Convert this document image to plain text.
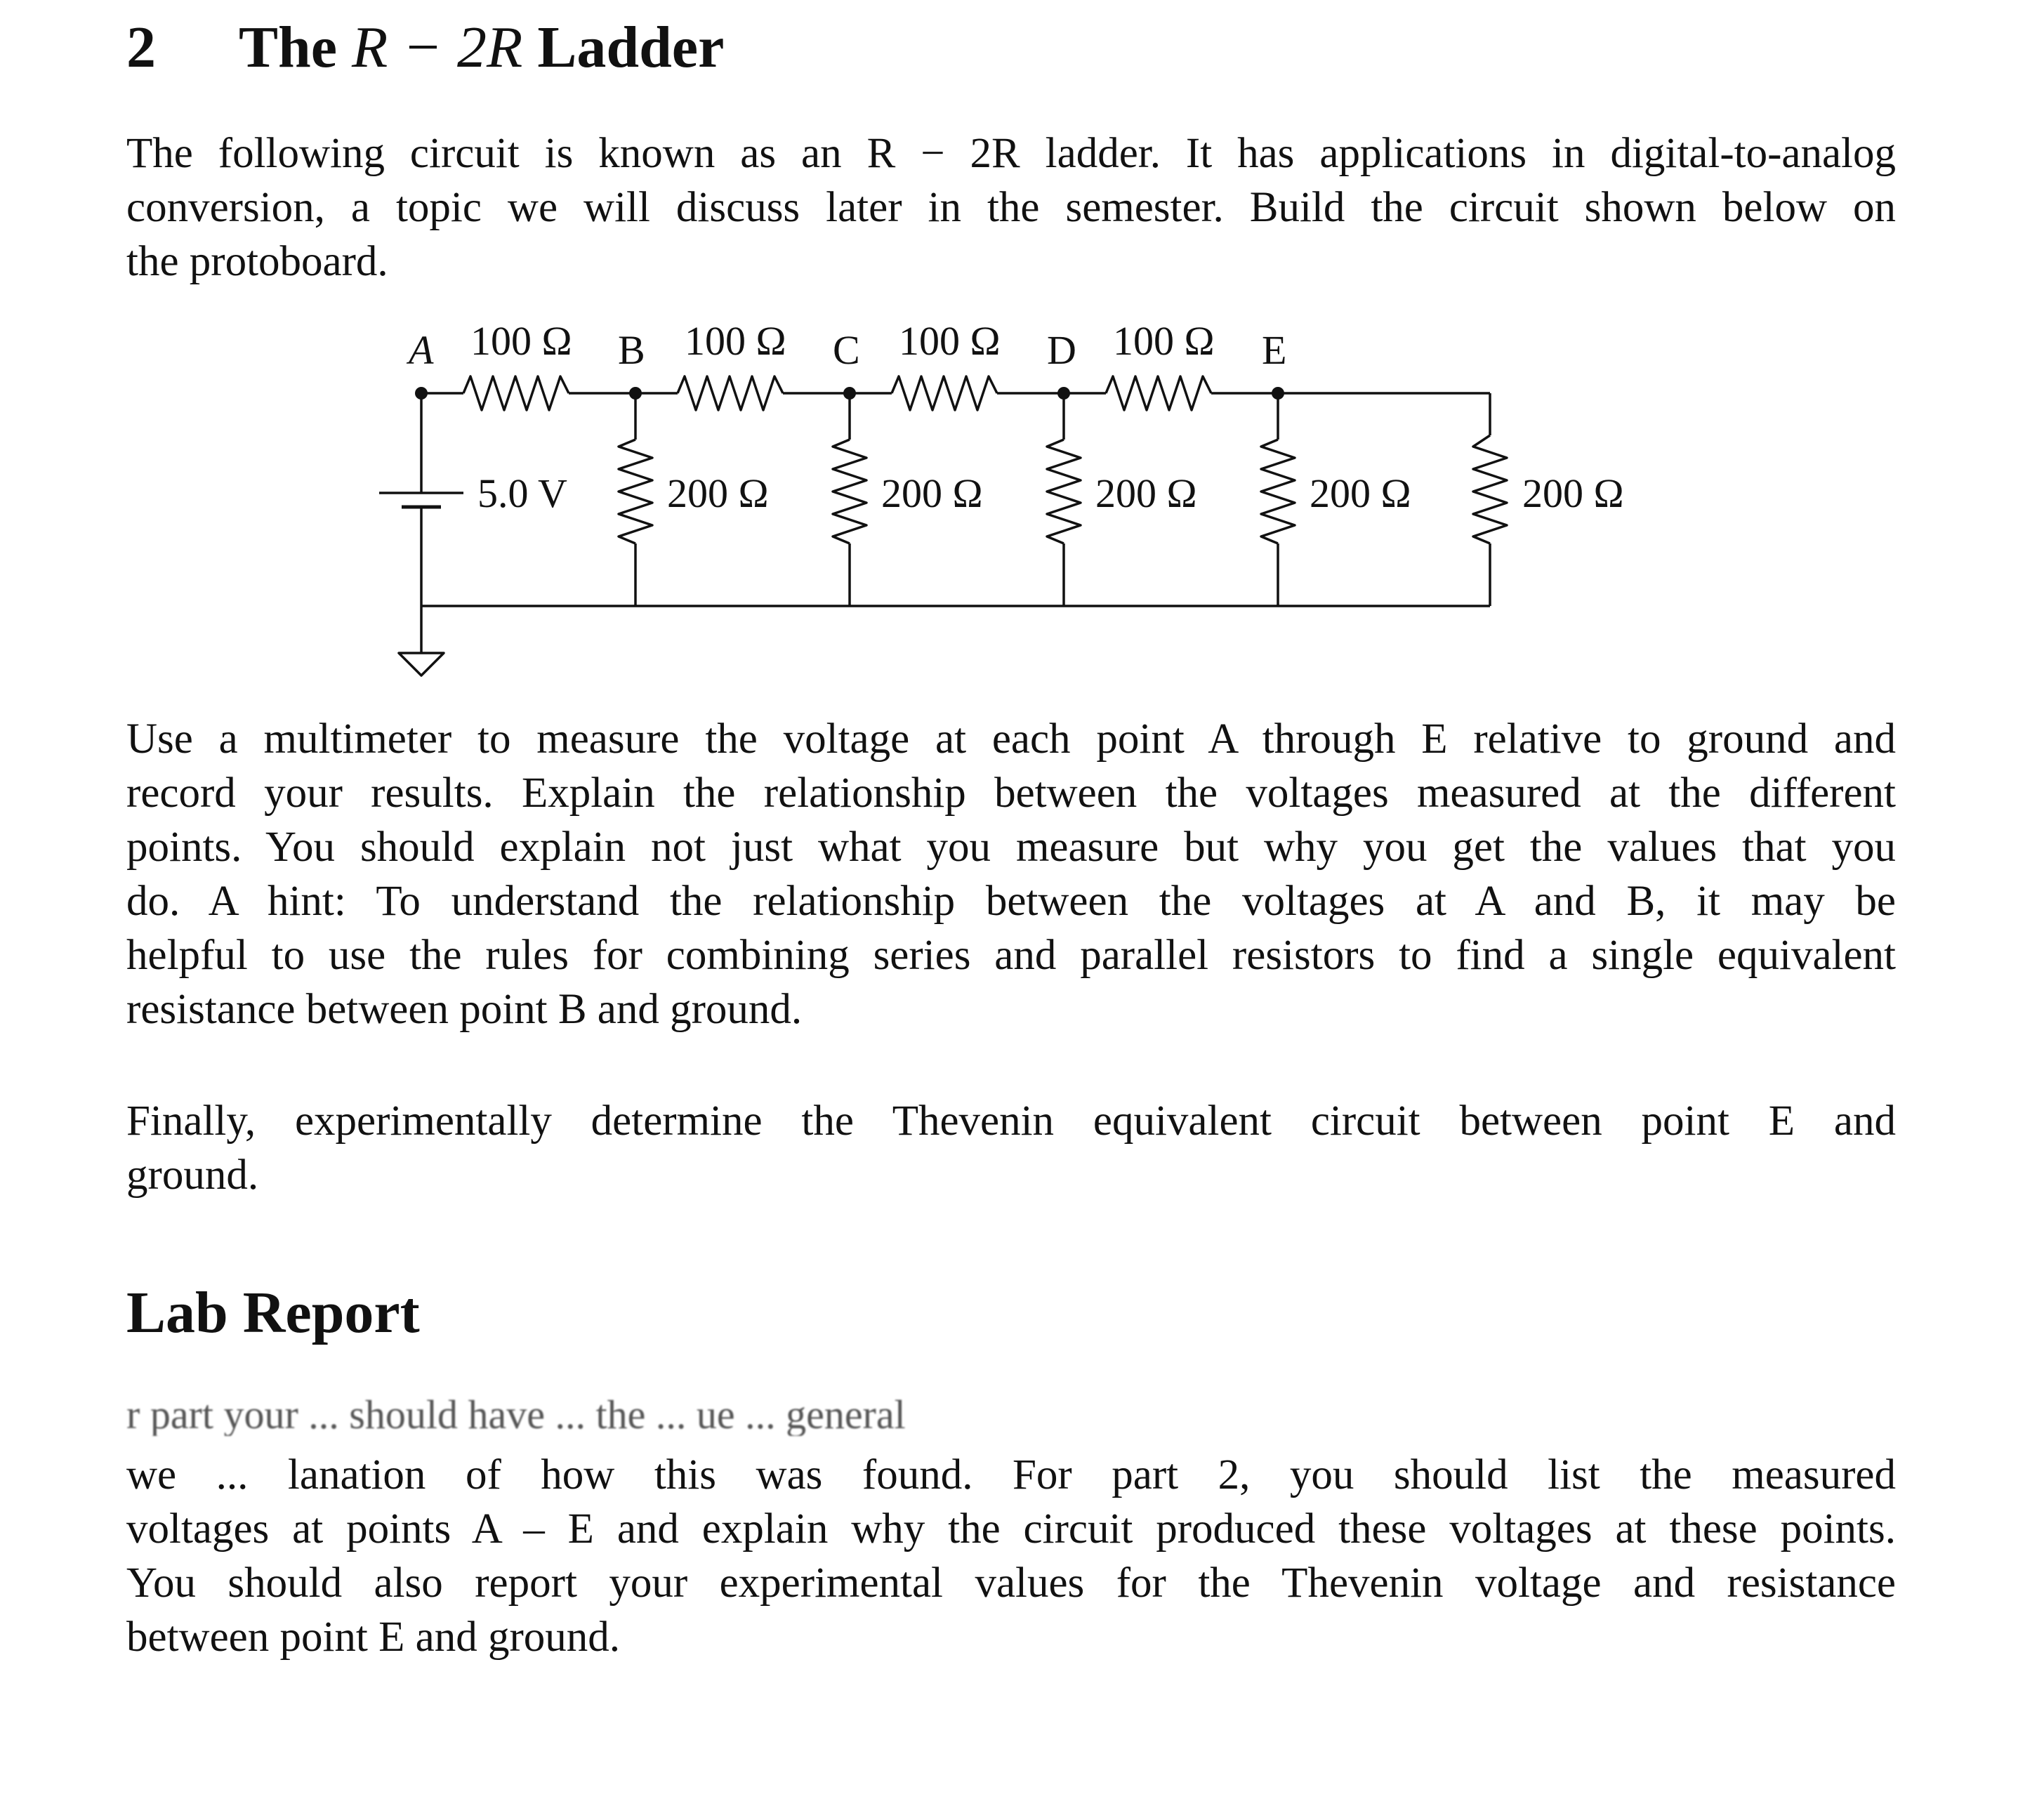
2 The R − 2R Ladder
The following circuit is known as an R − 2R ladder. It has applications in digital-to-analog
conversion, a topic we will discuss later in the semester. Build the circuit shown below on
the protoboard.
A	B	C	D	E
100 Ω	100 Ω	100 Ω	100 Ω
5.0 V 200 Ω	200 Ω	200 Ω	200 Ω	200 Ω
Use a multimeter to measure the voltage at each point A through E relative to ground and
record your results. Explain the relationship between the voltages measured at the different
points. You should explain not just what you measure but why you get the values that you
do. A hint: To understand the relationship between the voltages at A and B, it may be
helpful to use the rules for combining series and parallel resistors to find a single equivalent
resistance between point B and ground.
Finally, experimentally determine the Thevenin equivalent circuit between point E and
ground.
Lab Report
r part your ... should have ... the ... ue ... general
we ... lanation of how this was found. For part 2, you should list the measured
voltages at points A – E and explain why the circuit produced these voltages at these points.
You should also report your experimental values for the Thevenin voltage and resistance
between point E and ground.
